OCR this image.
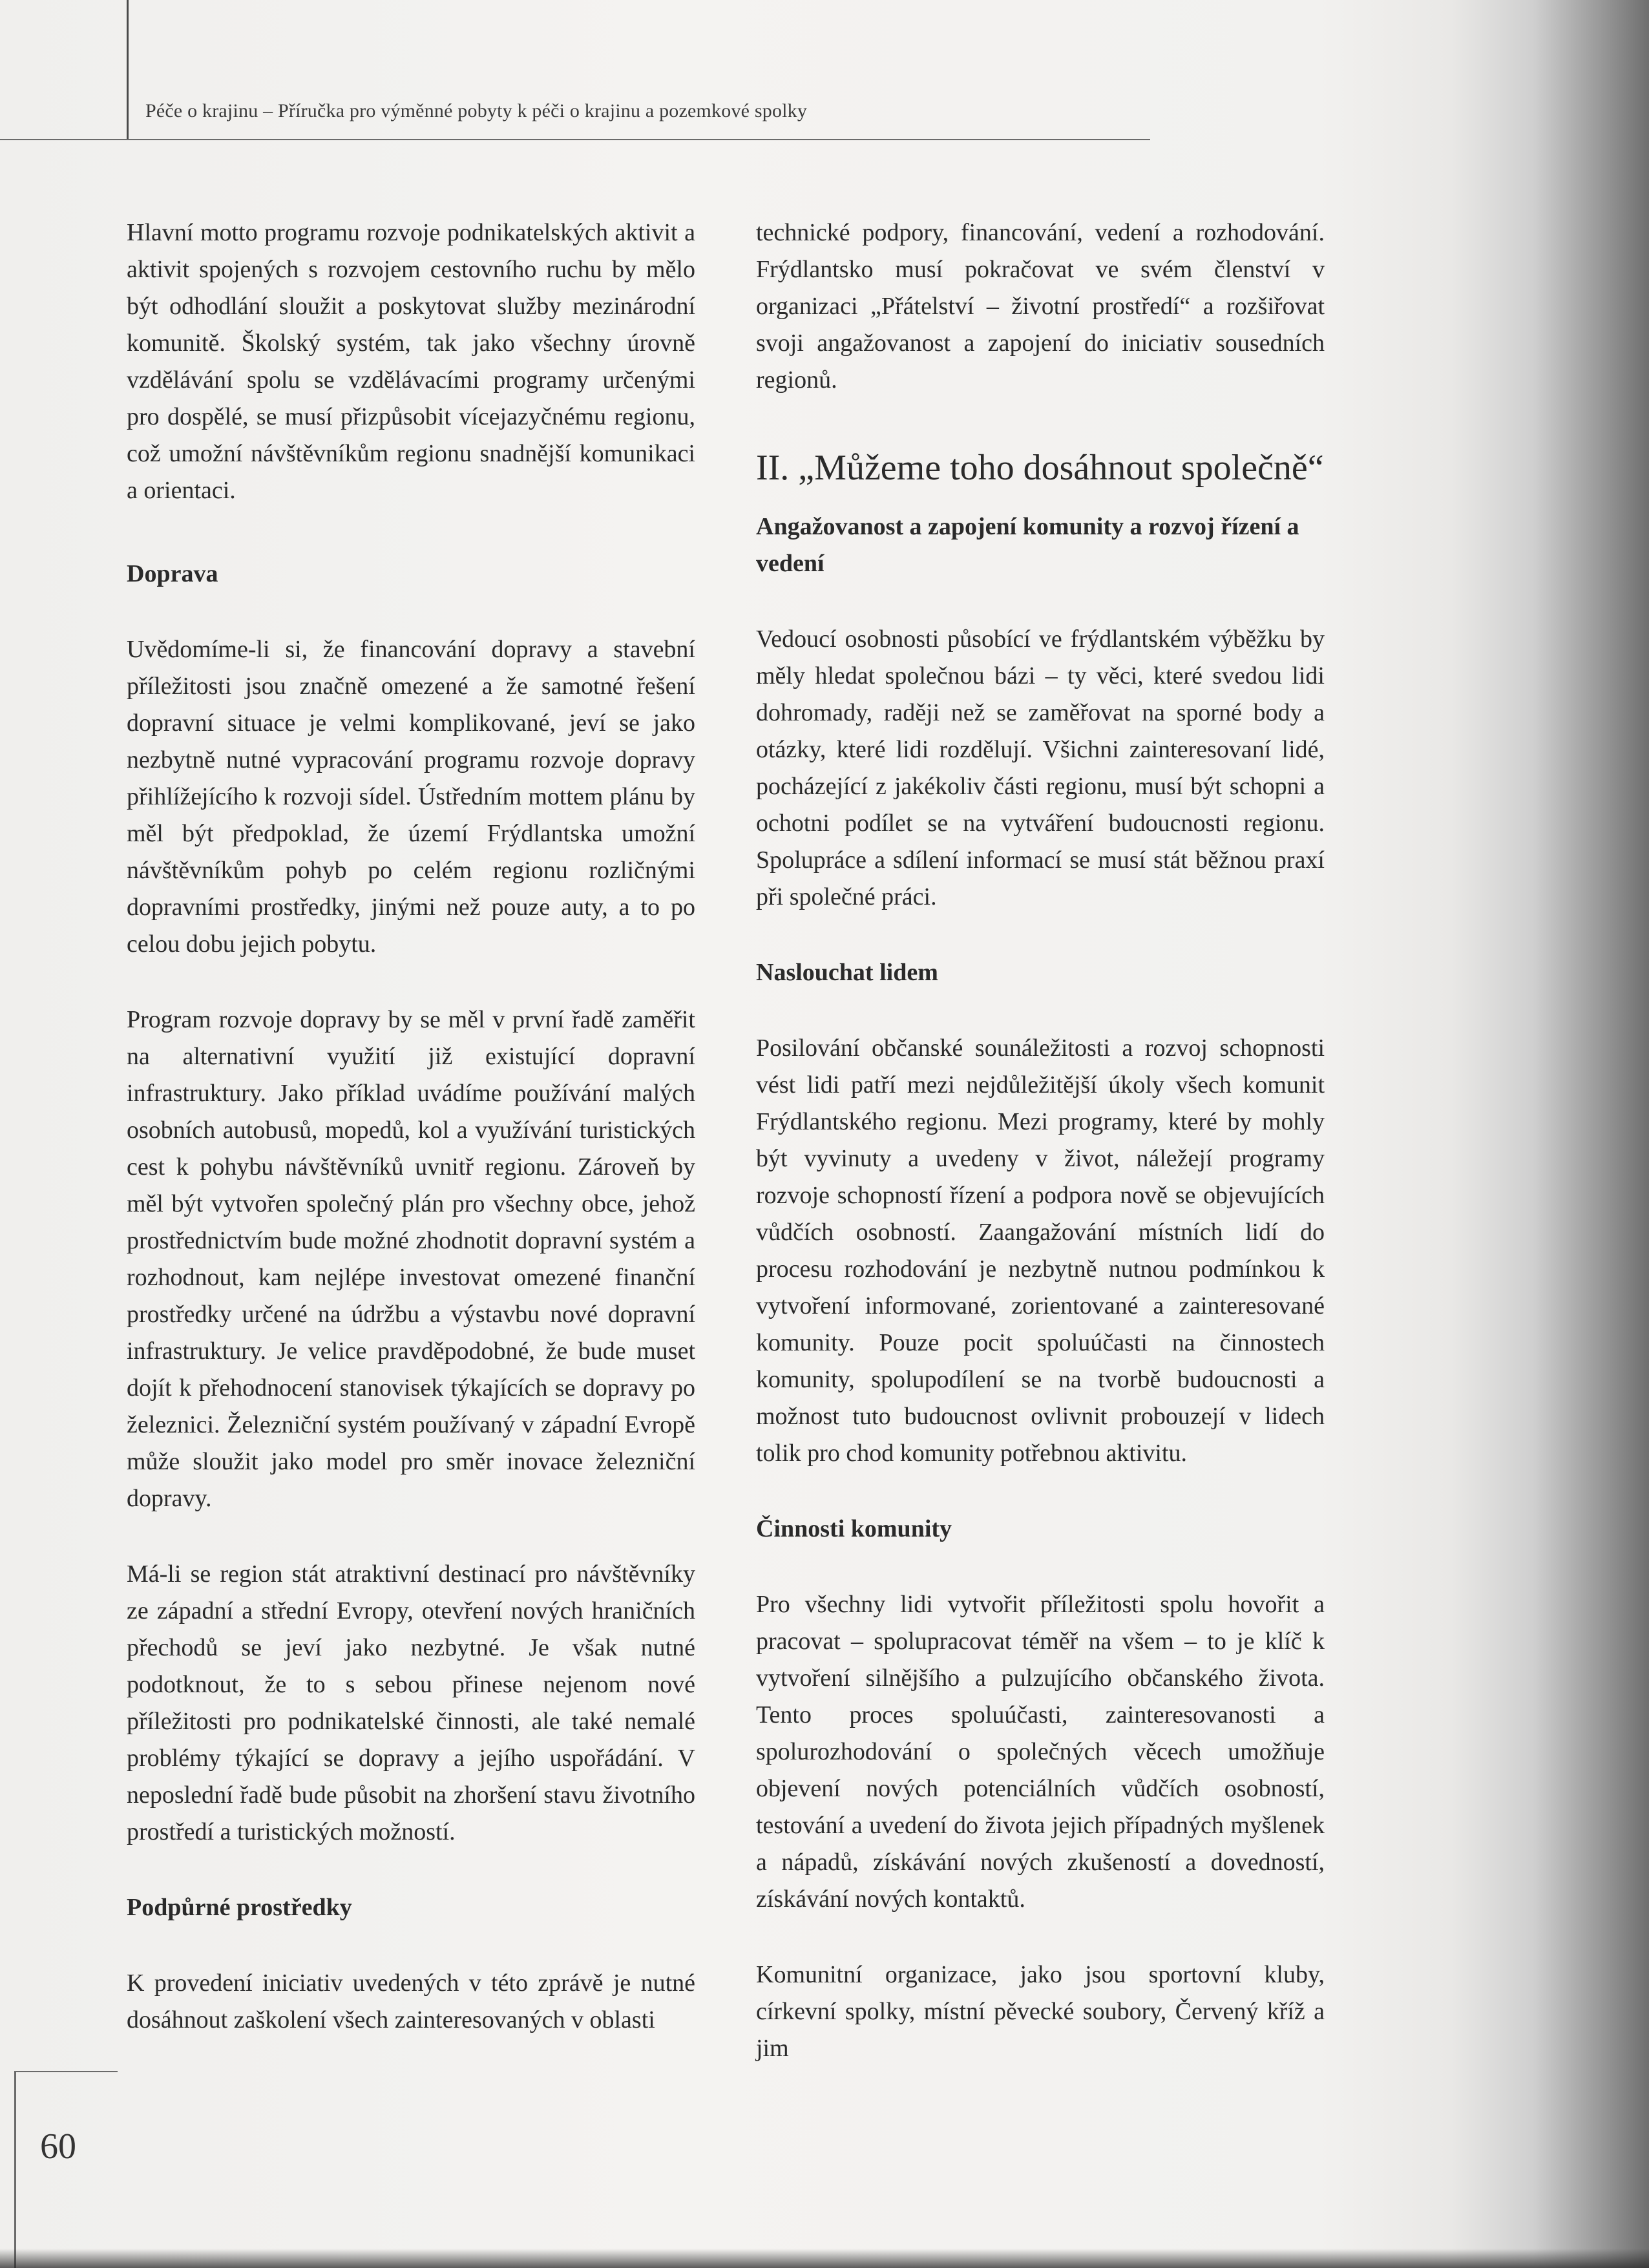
Péče o krajinu – Příručka pro výměnné pobyty k péči o krajinu a pozemkové spolky

Hlavní motto programu rozvoje podnikatelských aktivit a aktivit spojených s rozvojem cestovního ruchu by mělo být odhodlání sloužit a poskytovat služby mezinárodní komunitě. Školský systém, tak jako všechny úrovně vzdělávání spolu se vzdělávacími programy určenými pro dospělé, se musí přizpůsobit vícejazyčnému regionu, což umožní návštěvníkům regionu snadnější komunikaci a orientaci.

Doprava

Uvědomíme-li si, že financování dopravy a stavební příležitosti jsou značně omezené a že samotné řešení dopravní situace je velmi komplikované, jeví se jako nezbytně nutné vypracování programu rozvoje dopravy přihlížejícího k rozvoji sídel. Ústředním mottem plánu by měl být předpoklad, že území Frýdlantska umožní návštěvníkům pohyb po celém regionu rozličnými dopravními prostředky, jinými než pouze auty, a to po celou dobu jejich pobytu.

Program rozvoje dopravy by se měl v první řadě zaměřit na alternativní využití již existující dopravní infrastruktury. Jako příklad uvádíme používání malých osobních autobusů, mopedů, kol a využívání turistických cest k pohybu návštěvníků uvnitř regionu. Zároveň by měl být vytvořen společný plán pro všechny obce, jehož prostřednictvím bude možné zhodnotit dopravní systém a rozhodnout, kam nejlépe investovat omezené finanční prostředky určené na údržbu a výstavbu nové dopravní infrastruktury. Je velice pravděpodobné, že bude muset dojít k přehodnocení stanovisek týkajících se dopravy po železnici. Železniční systém používaný v západní Evropě může sloužit jako model pro směr inovace železniční dopravy.

Má-li se region stát atraktivní destinací pro návštěvníky ze západní a střední Evropy, otevření nových hraničních přechodů se jeví jako nezbytné. Je však nutné podotknout, že to s sebou přinese nejenom nové příležitosti pro podnikatelské činnosti, ale také nemalé problémy týkající se dopravy a jejího uspořádání. V neposlední řadě bude působit na zhoršení stavu životního prostředí a turistických možností.

Podpůrné prostředky

K provedení iniciativ uvedených v této zprávě je nutné dosáhnout zaškolení všech zainteresovaných v oblasti

technické podpory, financování, vedení a rozhodování. Frýdlantsko musí pokračovat ve svém členství v organizaci „Přátelství – životní prostředí“ a rozšiřovat svoji angažovanost a zapojení do iniciativ sousedních regionů.

II. „Můžeme toho dosáhnout společně“
Angažovanost a zapojení komunity a rozvoj řízení a vedení

Vedoucí osobnosti působící ve frýdlantském výběžku by měly hledat společnou bázi – ty věci, které svedou lidi dohromady, raději než se zaměřovat na sporné body a otázky, které lidi rozdělují. Všichni zainteresovaní lidé, pocházející z jakékoliv části regionu, musí být schopni a ochotni podílet se na vytváření budoucnosti regionu. Spolupráce a sdílení informací se musí stát běžnou praxí při společné práci.

Naslouchat lidem

Posilování občanské sounáležitosti a rozvoj schopnosti vést lidi patří mezi nejdůležitější úkoly všech komunit Frýdlantského regionu. Mezi programy, které by mohly být vyvinuty a uvedeny v život, náležejí programy rozvoje schopností řízení a podpora nově se objevujících vůdčích osobností. Zaangažování místních lidí do procesu rozhodování je nezbytně nutnou podmínkou k vytvoření informované, zorientované a zainteresované komunity. Pouze pocit spoluúčasti na činnostech komunity, spolupodílení se na tvorbě budoucnosti a možnost tuto budoucnost ovlivnit probouzejí v lidech tolik pro chod komunity potřebnou aktivitu.

Činnosti komunity

Pro všechny lidi vytvořit příležitosti spolu hovořit a pracovat – spolupracovat téměř na všem – to je klíč k vytvoření silnějšího a pulzujícího občanského života. Tento proces spoluúčasti, zainteresovanosti a spolurozhodování o společných věcech umožňuje objevení nových potenciálních vůdčích osobností, testování a uvedení do života jejich případných myšlenek a nápadů, získávání nových zkušeností a dovedností, získávání nových kontaktů.

Komunitní organizace, jako jsou sportovní kluby, církevní spolky, místní pěvecké soubory, Červený kříž a jim

60
